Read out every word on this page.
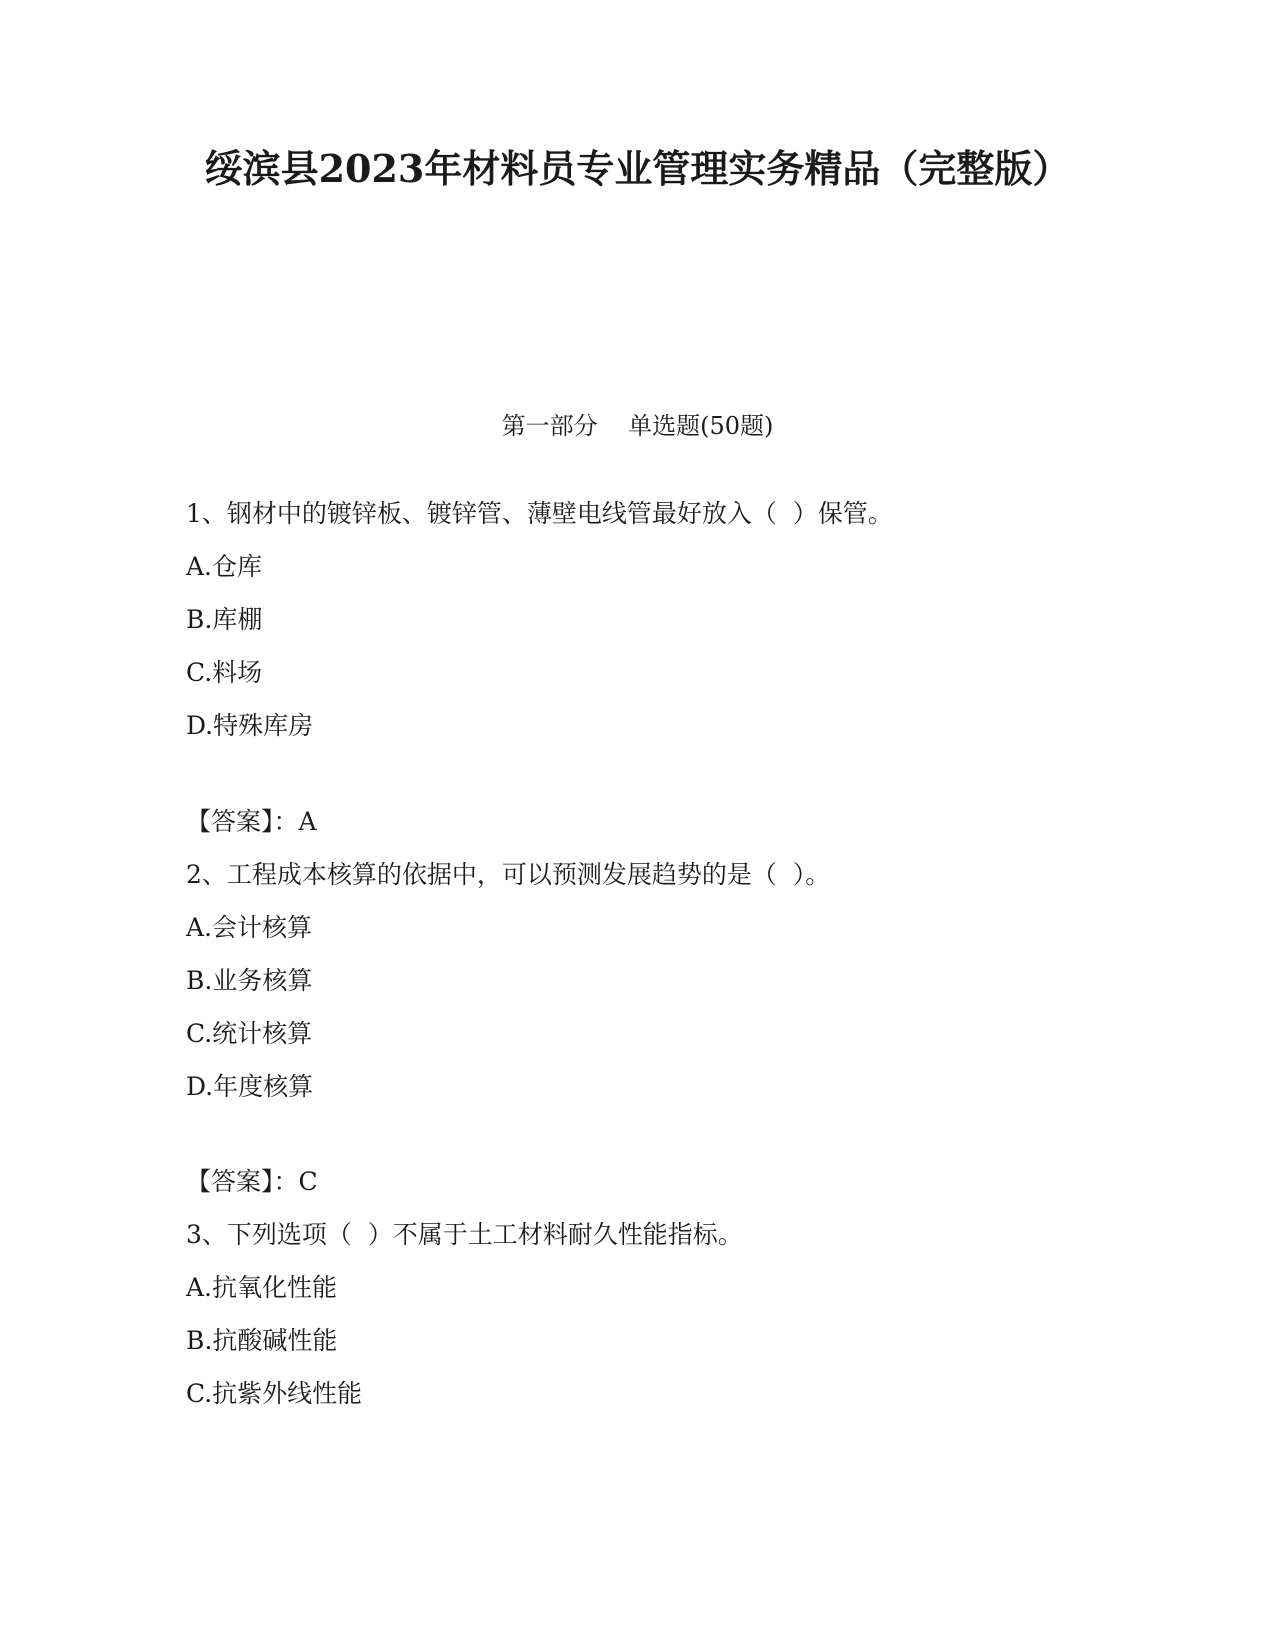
绥滨县2023年材料员专业管理实务精品（完整版）
第一部分    单选题(50题)
1、钢材中的镀锌板、镀锌管、薄壁电线管最好放入（  ）保管。
A.仓库
B.库棚
C.料场
D.特殊库房
【答案】：A
2、工程成本核算的依据中，可以预测发展趋势的是（  ）。
A.会计核算
B.业务核算
C.统计核算
D.年度核算
【答案】：C
3、下列选项（  ）不属于土工材料耐久性能指标。
A.抗氧化性能
B.抗酸碱性能
C.抗紫外线性能
